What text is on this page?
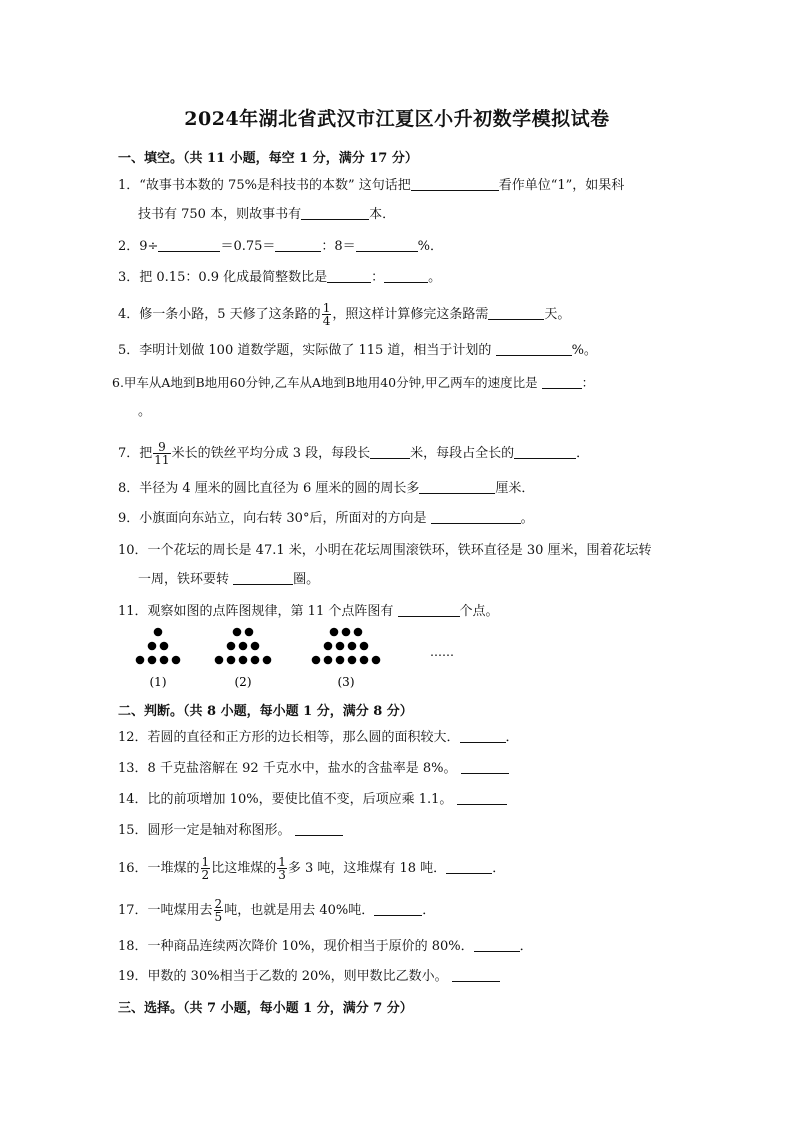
2024年湖北省武汉市江夏区小升初数学模拟试卷
一、填空。（共 11 小题，每空 1 分，满分 17 分）
1．“故事书本数的 75%是科技书的本数” 这句话把	看作单位“1”，如果科
技书有 750 本，则故事书有	本．
2．9÷	＝0.75＝	：8＝	%．
3．把 0.15：0.9 化成最简整数比是	：	。
4．修一条小路，5 天修了这条路的 $\frac{1}{4}$ ，照这样计算修完这条路需	天。
5．李明计划做 100 道数学题，实际做了 115 道，相当于计划的	%。
6.甲车从A地到B地用60分钟,乙车从A地到B地用40分钟,甲乙两车的速度比是	：
。
7．把 $\frac{9}{11}$ 米长的铁丝平均分成 3 段，每段长	米，每段占全长的	．
8．半径为 4 厘米的圆比直径为 6 厘米的圆的周长多	厘米．
9．小旗面向东站立，向右转 30°后，所面对的方向是	。
10．一个花坛的周长是 47.1 米，小明在花坛周围滚铁环，铁环直径是 30 厘米，围着花坛转
一周，铁环要转	圈。
11．观察如图的点阵图规律，第 11 个点阵图有	个点。
(1)	(2)	(3)
……
二、判断。（共 8 小题，每小题 1 分，满分 8 分）
12．若圆的直径和正方形的边长相等，那么圆的面积较大．	．
13．8 千克盐溶解在 92 千克水中，盐水的含盐率是 8%。
14．比的前项增加 10%，要使比值不变，后项应乘 1.1。
15．圆形一定是轴对称图形。
16．一堆煤的 $\frac{1}{2}$ 比这堆煤的 $\frac{1}{3}$ 多 3 吨，这堆煤有 18 吨．	．
17．一吨煤用去 $\frac{2}{5}$ 吨，也就是用去 40%吨．	．
18．一种商品连续两次降价 10%，现价相当于原价的 80%．	．
19．甲数的 30%相当于乙数的 20%，则甲数比乙数小。
三、选择。（共 7 小题，每小题 1 分，满分 7 分）
